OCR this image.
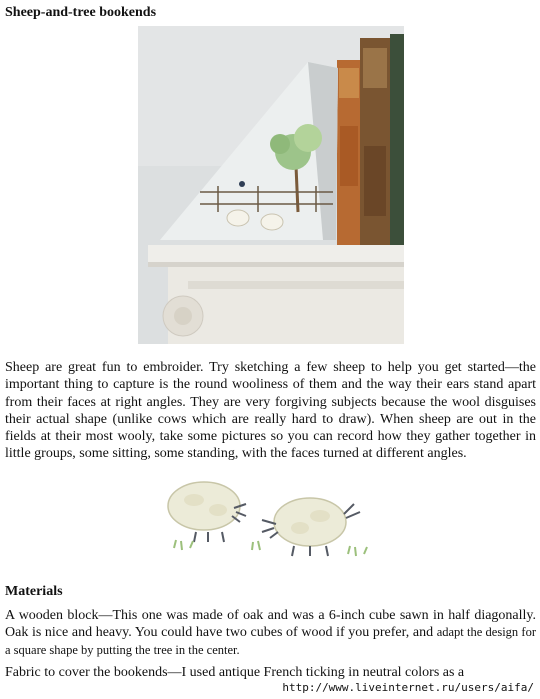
Sheep-and-tree bookends

Sheep are great fun to embroider. Try sketching a few sheep to help you get started—the important thing to capture is the round wooliness of them and the way their ears stand apart from their faces at right angles. They are very forgiving subjects because the wool disguises their actual shape (unlike cows which are really hard to draw). When sheep are out in the fields at their most wooly, take some pictures so you can record how they gather together in little groups, some sitting, some standing, with the faces turned at different angles.

Materials

A wooden block—This one was made of oak and was a 6-inch cube sawn in half diagonally. Oak is nice and heavy. You could have two cubes of wood if you prefer, and adapt the design for a square shape by putting the tree in the center.

Fabric to cover the bookends—I used antique French ticking in neutral colors as a

http://www.liveinternet.ru/users/aifa/
